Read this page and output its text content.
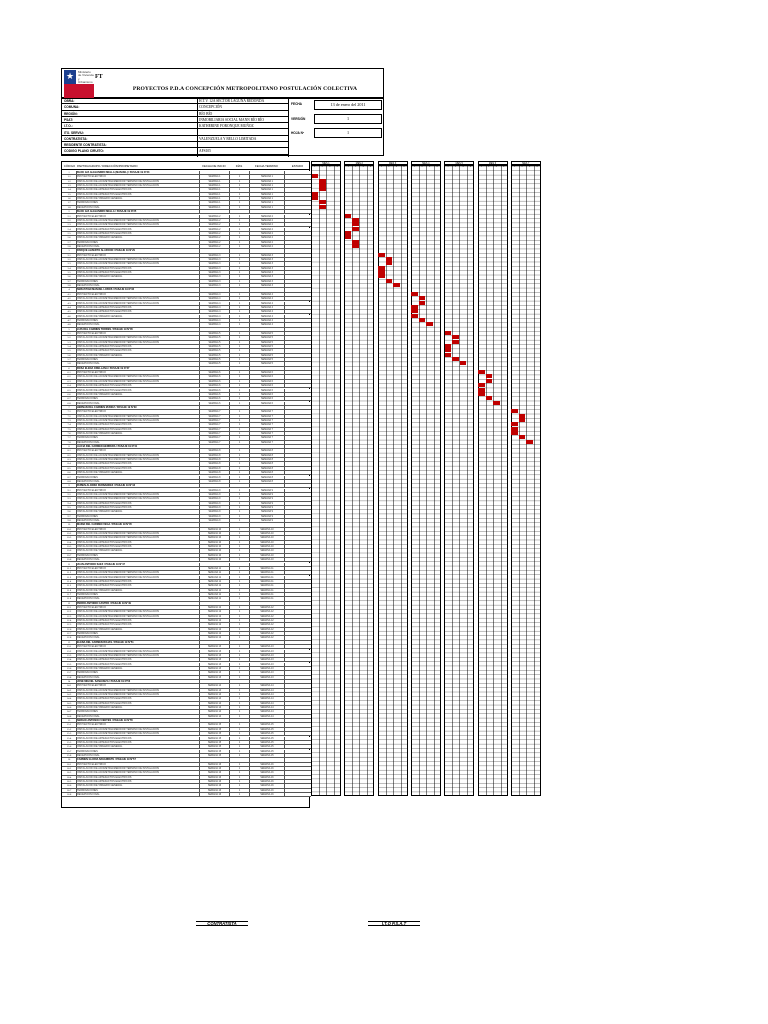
★ Ministerio de Vivienda y Urbanismo
FT
PROYECTOS P.D.A CONCEPCIÓN METROPOLITANO POSTULACIÓN COLECTIVA
OBRA:	H.T.V. 12A SECTOR LAGUNA REDONDA
COMUNA:	CONCEPCIÓN
REGIÓN:	BÍO BÍO
PSAT:	INMOBILIARIA SOCIAL MANN BÍO BÍO
I.T.O.:	KATHERINE FORONQUE MUÑOZ
ITO. SERVIU:
CONTRATISTA:	VALENZUELA Y BELLO LIMITADA
RESIDENTE CONTRATISTA:
CODIGO PLANO CIRUITO:	AFS105
FECHA	13 de enero del 2011
VERSIÓN	1
HOJA Nº	1
CÓDIGO PARTIDA/GRUPO / DIRECCIÓN/PROPIETARIO	FECHA DE INICIO	DÍAS	FECHA TERMINO	ESTADO
1	BLOK 12A ALEJANDRO MELLA (MANUEL) / PASAJE 19 N°23
1.1	PROYECTO ELECTRICO	SEMANA 1	1	SEMANA 1
1.2	INSTALACIÓN DE ACOMETIDA/MEDIDOR TÉRMINO DE INSTALACIÓN	SEMANA 1	1	SEMANA 1
1.3	INSTALACIÓN DE ACOMETIDA/MEDIDOR TÉRMINO DE INSTALACIÓN	SEMANA 1	1	SEMANA 1
1.4	INSTALACIÓN DE ARTEFACTOS ELÉCTRICOS	SEMANA 1	1	SEMANA 1
1.5	INSTALACIÓN DE ARTEFACTOS ELÉCTRICOS	SEMANA 1	1	SEMANA 1
1.6	INSTALACIÓN DE TABLERO GENERAL	SEMANA 1	1	SEMANA 1
1.7	TERMINACIONES	SEMANA 1	1	SEMANA 1
1.8	RECEPCIÓN FINAL	SEMANA 1	1	SEMANA 1
2	BLOK 12A ALEJANDRO MELLA / PASAJE 19 N°25
2.1	PROYECTO ELECTRICO	SEMANA 2	1	SEMANA 2
2.2	INSTALACIÓN DE ACOMETIDA/MEDIDOR TÉRMINO DE INSTALACIÓN	SEMANA 2	1	SEMANA 2
2.3	INSTALACIÓN DE ACOMETIDA/MEDIDOR TÉRMINO DE INSTALACIÓN	SEMANA 2	1	SEMANA 2
2.4	INSTALACIÓN DE ARTEFACTOS ELÉCTRICOS	SEMANA 2	1	SEMANA 2
2.5	INSTALACIÓN DE ARTEFACTOS ELÉCTRICOS	SEMANA 2	1	SEMANA 2
2.6	INSTALACIÓN DE TABLERO GENERAL	SEMANA 2	1	SEMANA 2
2.7	TERMINACIONES	SEMANA 2	1	SEMANA 2
2.8	RECEPCIÓN FINAL	SEMANA 2	1	SEMANA 2
3	PARQUE ALBERTO ALARCÓN / PASAJE 19 N°29
3.1	PROYECTO ELECTRICO	SEMANA 3	1	SEMANA 3
3.2	INSTALACIÓN DE ACOMETIDA/MEDIDOR TÉRMINO DE INSTALACIÓN	SEMANA 3	1	SEMANA 3
3.3	INSTALACIÓN DE ACOMETIDA/MEDIDOR TÉRMINO DE INSTALACIÓN	SEMANA 3	1	SEMANA 3
3.4	INSTALACIÓN DE ARTEFACTOS ELÉCTRICOS	SEMANA 3	1	SEMANA 3
3.5	INSTALACIÓN DE ARTEFACTOS ELÉCTRICOS	SEMANA 3	1	SEMANA 3
3.6	INSTALACIÓN DE TABLERO GENERAL	SEMANA 3	1	SEMANA 3
3.7	TERMINACIONES	SEMANA 3	1	SEMANA 3
3.8	RECEPCIÓN FINAL	SEMANA 3	1	SEMANA 3
4	SEBASTIÁN MANUEL LOBOS / PASAJE 19 N°33
4.1	PROYECTO ELECTRICO	SEMANA 4	1	SEMANA 4
4.2	INSTALACIÓN DE ACOMETIDA/MEDIDOR TÉRMINO DE INSTALACIÓN	SEMANA 4	1	SEMANA 4
4.3	INSTALACIÓN DE ACOMETIDA/MEDIDOR TÉRMINO DE INSTALACIÓN	SEMANA 4	1	SEMANA 4
4.4	INSTALACIÓN DE ARTEFACTOS ELÉCTRICOS	SEMANA 4	1	SEMANA 4
4.5	INSTALACIÓN DE ARTEFACTOS ELÉCTRICOS	SEMANA 4	1	SEMANA 4
4.6	INSTALACIÓN DE TABLERO GENERAL	SEMANA 4	1	SEMANA 4
4.7	TERMINACIONES	SEMANA 4	1	SEMANA 4
4.8	RECEPCIÓN FINAL	SEMANA 4	1	SEMANA 4
5	LUIS DEL CARMEN TORRES / PASAJE 19 N°35
5.1	PROYECTO ELECTRICO	SEMANA 5	1	SEMANA 5
5.2	INSTALACIÓN DE ACOMETIDA/MEDIDOR TÉRMINO DE INSTALACIÓN	SEMANA 5	1	SEMANA 5
5.3	INSTALACIÓN DE ACOMETIDA/MEDIDOR TÉRMINO DE INSTALACIÓN	SEMANA 5	1	SEMANA 5
5.4	INSTALACIÓN DE ARTEFACTOS ELÉCTRICOS	SEMANA 5	1	SEMANA 5
5.5	INSTALACIÓN DE ARTEFACTOS ELÉCTRICOS	SEMANA 5	1	SEMANA 5
5.6	INSTALACIÓN DE TABLERO GENERAL	SEMANA 5	1	SEMANA 5
5.7	TERMINACIONES	SEMANA 5	1	SEMANA 5
5.8	RECEPCIÓN FINAL	SEMANA 5	1	SEMANA 5
6	ROSA ELENA ORELLANA / PASAJE 19 N°37
6.1	PROYECTO ELECTRICO	SEMANA 6	1	SEMANA 6
6.2	INSTALACIÓN DE ACOMETIDA/MEDIDOR TÉRMINO DE INSTALACIÓN	SEMANA 6	1	SEMANA 6
6.3	INSTALACIÓN DE ACOMETIDA/MEDIDOR TÉRMINO DE INSTALACIÓN	SEMANA 6	1	SEMANA 6
6.4	INSTALACIÓN DE ARTEFACTOS ELÉCTRICOS	SEMANA 6	1	SEMANA 6
6.5	INSTALACIÓN DE ARTEFACTOS ELÉCTRICOS	SEMANA 6	1	SEMANA 6
6.6	INSTALACIÓN DE TABLERO GENERAL	SEMANA 6	1	SEMANA 6
6.7	TERMINACIONES	SEMANA 6	1	SEMANA 6
6.8	RECEPCIÓN FINAL	SEMANA 6	1	SEMANA 6
7	HERNÁN DEL CARMEN MUÑOZ / PASAJE 19 N°39
7.1	PROYECTO ELECTRICO	SEMANA 7	1	SEMANA 7
7.2	INSTALACIÓN DE ACOMETIDA/MEDIDOR TÉRMINO DE INSTALACIÓN	SEMANA 7	1	SEMANA 7
7.3	INSTALACIÓN DE ACOMETIDA/MEDIDOR TÉRMINO DE INSTALACIÓN	SEMANA 7	1	SEMANA 7
7.4	INSTALACIÓN DE ARTEFACTOS ELÉCTRICOS	SEMANA 7	1	SEMANA 7
7.5	INSTALACIÓN DE ARTEFACTOS ELÉCTRICOS	SEMANA 7	1	SEMANA 7
7.6	INSTALACIÓN DE TABLERO GENERAL	SEMANA 7	1	SEMANA 7
7.7	TERMINACIONES	SEMANA 7	1	SEMANA 7
7.8	RECEPCIÓN FINAL	SEMANA 7	1	SEMANA 7
8	ALICIA DEL CARMEN HERRERA / PASAJE 19 N°41
8.1	PROYECTO ELECTRICO	SEMANA 8	1	SEMANA 8
8.2	INSTALACIÓN DE ACOMETIDA/MEDIDOR TÉRMINO DE INSTALACIÓN	SEMANA 8	1	SEMANA 8
8.3	INSTALACIÓN DE ACOMETIDA/MEDIDOR TÉRMINO DE INSTALACIÓN	SEMANA 8	1	SEMANA 8
8.4	INSTALACIÓN DE ARTEFACTOS ELÉCTRICOS	SEMANA 8	1	SEMANA 8
8.5	INSTALACIÓN DE ARTEFACTOS ELÉCTRICOS	SEMANA 8	1	SEMANA 8
8.6	INSTALACIÓN DE TABLERO GENERAL	SEMANA 8	1	SEMANA 8
8.7	TERMINACIONES	SEMANA 8	1	SEMANA 8
8.8	RECEPCIÓN FINAL	SEMANA 8	1	SEMANA 8
9	RUBÉN ALONSO FERNÁNDEZ / PASAJE 19 N°43
9.1	PROYECTO ELECTRICO	SEMANA 9	1	SEMANA 9
9.2	INSTALACIÓN DE ACOMETIDA/MEDIDOR TÉRMINO DE INSTALACIÓN	SEMANA 9	1	SEMANA 9
9.3	INSTALACIÓN DE ACOMETIDA/MEDIDOR TÉRMINO DE INSTALACIÓN	SEMANA 9	1	SEMANA 9
9.4	INSTALACIÓN DE ARTEFACTOS ELÉCTRICOS	SEMANA 9	1	SEMANA 9
9.5	INSTALACIÓN DE ARTEFACTOS ELÉCTRICOS	SEMANA 9	1	SEMANA 9
9.6	INSTALACIÓN DE TABLERO GENERAL	SEMANA 9	1	SEMANA 9
9.7	TERMINACIONES	SEMANA 9	1	SEMANA 9
9.8	RECEPCIÓN FINAL	SEMANA 9	1	SEMANA 9
10	MARÍA DEL CARMEN VEGA / PASAJE 19 N°45
10.1	PROYECTO ELECTRICO	SEMANA 10	1	SEMANA 10
10.2	INSTALACIÓN DE ACOMETIDA/MEDIDOR TÉRMINO DE INSTALACIÓN	SEMANA 10	1	SEMANA 10
10.3	INSTALACIÓN DE ACOMETIDA/MEDIDOR TÉRMINO DE INSTALACIÓN	SEMANA 10	1	SEMANA 10
10.4	INSTALACIÓN DE ARTEFACTOS ELÉCTRICOS	SEMANA 10	1	SEMANA 10
10.5	INSTALACIÓN DE ARTEFACTOS ELÉCTRICOS	SEMANA 10	1	SEMANA 10
10.6	INSTALACIÓN DE TABLERO GENERAL	SEMANA 10	1	SEMANA 10
10.7	TERMINACIONES	SEMANA 10	1	SEMANA 10
10.8	RECEPCIÓN FINAL	SEMANA 10	1	SEMANA 10
11	JUAN ANTONIO SÁEZ / PASAJE 19 N°47
11.1	PROYECTO ELECTRICO	SEMANA 11	1	SEMANA 11
11.2	INSTALACIÓN DE ACOMETIDA/MEDIDOR TÉRMINO DE INSTALACIÓN	SEMANA 11	1	SEMANA 11
11.3	INSTALACIÓN DE ACOMETIDA/MEDIDOR TÉRMINO DE INSTALACIÓN	SEMANA 11	1	SEMANA 11
11.4	INSTALACIÓN DE ARTEFACTOS ELÉCTRICOS	SEMANA 11	1	SEMANA 11
11.5	INSTALACIÓN DE ARTEFACTOS ELÉCTRICOS	SEMANA 11	1	SEMANA 11
11.6	INSTALACIÓN DE TABLERO GENERAL	SEMANA 11	1	SEMANA 11
11.7	TERMINACIONES	SEMANA 11	1	SEMANA 11
11.8	RECEPCIÓN FINAL	SEMANA 11	1	SEMANA 11
12	PEDRO ANTONIO CASTRO / PASAJE 19 N°49
12.1	PROYECTO ELECTRICO	SEMANA 12	1	SEMANA 12
12.2	INSTALACIÓN DE ACOMETIDA/MEDIDOR TÉRMINO DE INSTALACIÓN	SEMANA 12	1	SEMANA 12
12.3	INSTALACIÓN DE ACOMETIDA/MEDIDOR TÉRMINO DE INSTALACIÓN	SEMANA 12	1	SEMANA 12
12.4	INSTALACIÓN DE ARTEFACTOS ELÉCTRICOS	SEMANA 12	1	SEMANA 12
12.5	INSTALACIÓN DE ARTEFACTOS ELÉCTRICOS	SEMANA 12	1	SEMANA 12
12.6	INSTALACIÓN DE TABLERO GENERAL	SEMANA 12	1	SEMANA 12
12.7	TERMINACIONES	SEMANA 12	1	SEMANA 12
12.8	RECEPCIÓN FINAL	SEMANA 12	1	SEMANA 12
13	ELENA DEL CARMEN ROJAS / PASAJE 19 N°51
13.1	PROYECTO ELECTRICO	SEMANA 13	1	SEMANA 13
13.2	INSTALACIÓN DE ACOMETIDA/MEDIDOR TÉRMINO DE INSTALACIÓN	SEMANA 13	1	SEMANA 13
13.3	INSTALACIÓN DE ACOMETIDA/MEDIDOR TÉRMINO DE INSTALACIÓN	SEMANA 13	1	SEMANA 13
13.4	INSTALACIÓN DE ARTEFACTOS ELÉCTRICOS	SEMANA 13	1	SEMANA 13
13.5	INSTALACIÓN DE ARTEFACTOS ELÉCTRICOS	SEMANA 13	1	SEMANA 13
13.6	INSTALACIÓN DE TABLERO GENERAL	SEMANA 13	1	SEMANA 13
13.7	TERMINACIONES	SEMANA 13	1	SEMANA 13
13.8	RECEPCIÓN FINAL	SEMANA 13	1	SEMANA 13
14	JOSÉ MIGUEL SANHUEZA / PASAJE 19 N°53
14.1	PROYECTO ELECTRICO	SEMANA 14	1	SEMANA 14
14.2	INSTALACIÓN DE ACOMETIDA/MEDIDOR TÉRMINO DE INSTALACIÓN	SEMANA 14	1	SEMANA 14
14.3	INSTALACIÓN DE ACOMETIDA/MEDIDOR TÉRMINO DE INSTALACIÓN	SEMANA 14	1	SEMANA 14
14.4	INSTALACIÓN DE ARTEFACTOS ELÉCTRICOS	SEMANA 14	1	SEMANA 14
14.5	INSTALACIÓN DE ARTEFACTOS ELÉCTRICOS	SEMANA 14	1	SEMANA 14
14.6	INSTALACIÓN DE TABLERO GENERAL	SEMANA 14	1	SEMANA 14
14.7	TERMINACIONES	SEMANA 14	1	SEMANA 14
14.8	RECEPCIÓN FINAL	SEMANA 14	1	SEMANA 14
15	SERGIO ANTONIO FUENTES / PASAJE 19 N°55
15.1	PROYECTO ELECTRICO	SEMANA 15	1	SEMANA 15
15.2	INSTALACIÓN DE ACOMETIDA/MEDIDOR TÉRMINO DE INSTALACIÓN	SEMANA 15	1	SEMANA 15
15.3	INSTALACIÓN DE ACOMETIDA/MEDIDOR TÉRMINO DE INSTALACIÓN	SEMANA 15	1	SEMANA 15
15.4	INSTALACIÓN DE ARTEFACTOS ELÉCTRICOS	SEMANA 15	1	SEMANA 15
15.5	INSTALACIÓN DE ARTEFACTOS ELÉCTRICOS	SEMANA 15	1	SEMANA 15
15.6	INSTALACIÓN DE TABLERO GENERAL	SEMANA 15	1	SEMANA 15
15.7	TERMINACIONES	SEMANA 15	1	SEMANA 15
15.8	RECEPCIÓN FINAL	SEMANA 15	1	SEMANA 15
16	CARMEN GLORIA NAVARRETE / PASAJE 19 N°57
16.1	PROYECTO ELECTRICO	SEMANA 16	1	SEMANA 16
16.2	INSTALACIÓN DE ACOMETIDA/MEDIDOR TÉRMINO DE INSTALACIÓN	SEMANA 16	1	SEMANA 16
16.3	INSTALACIÓN DE ACOMETIDA/MEDIDOR TÉRMINO DE INSTALACIÓN	SEMANA 16	1	SEMANA 16
16.4	INSTALACIÓN DE ARTEFACTOS ELÉCTRICOS	SEMANA 16	1	SEMANA 16
16.5	INSTALACIÓN DE ARTEFACTOS ELÉCTRICOS	SEMANA 16	1	SEMANA 16
16.6	INSTALACIÓN DE TABLERO GENERAL	SEMANA 16	1	SEMANA 16
16.7	TERMINACIONES	SEMANA 16	1	SEMANA 16
16.8	RECEPCIÓN FINAL	SEMANA 16	1	SEMANA 16
MES 1
1	2	3	4
MES 2
1	2	3	4
MES 3
1	2	3	4
MES 4
1	2	3	4
MES 5
1	2	3	4
MES 6
1	2	3	4
MES 7
1	2	3	4
CONTRATISTA	I.T.O P.S.A.T
